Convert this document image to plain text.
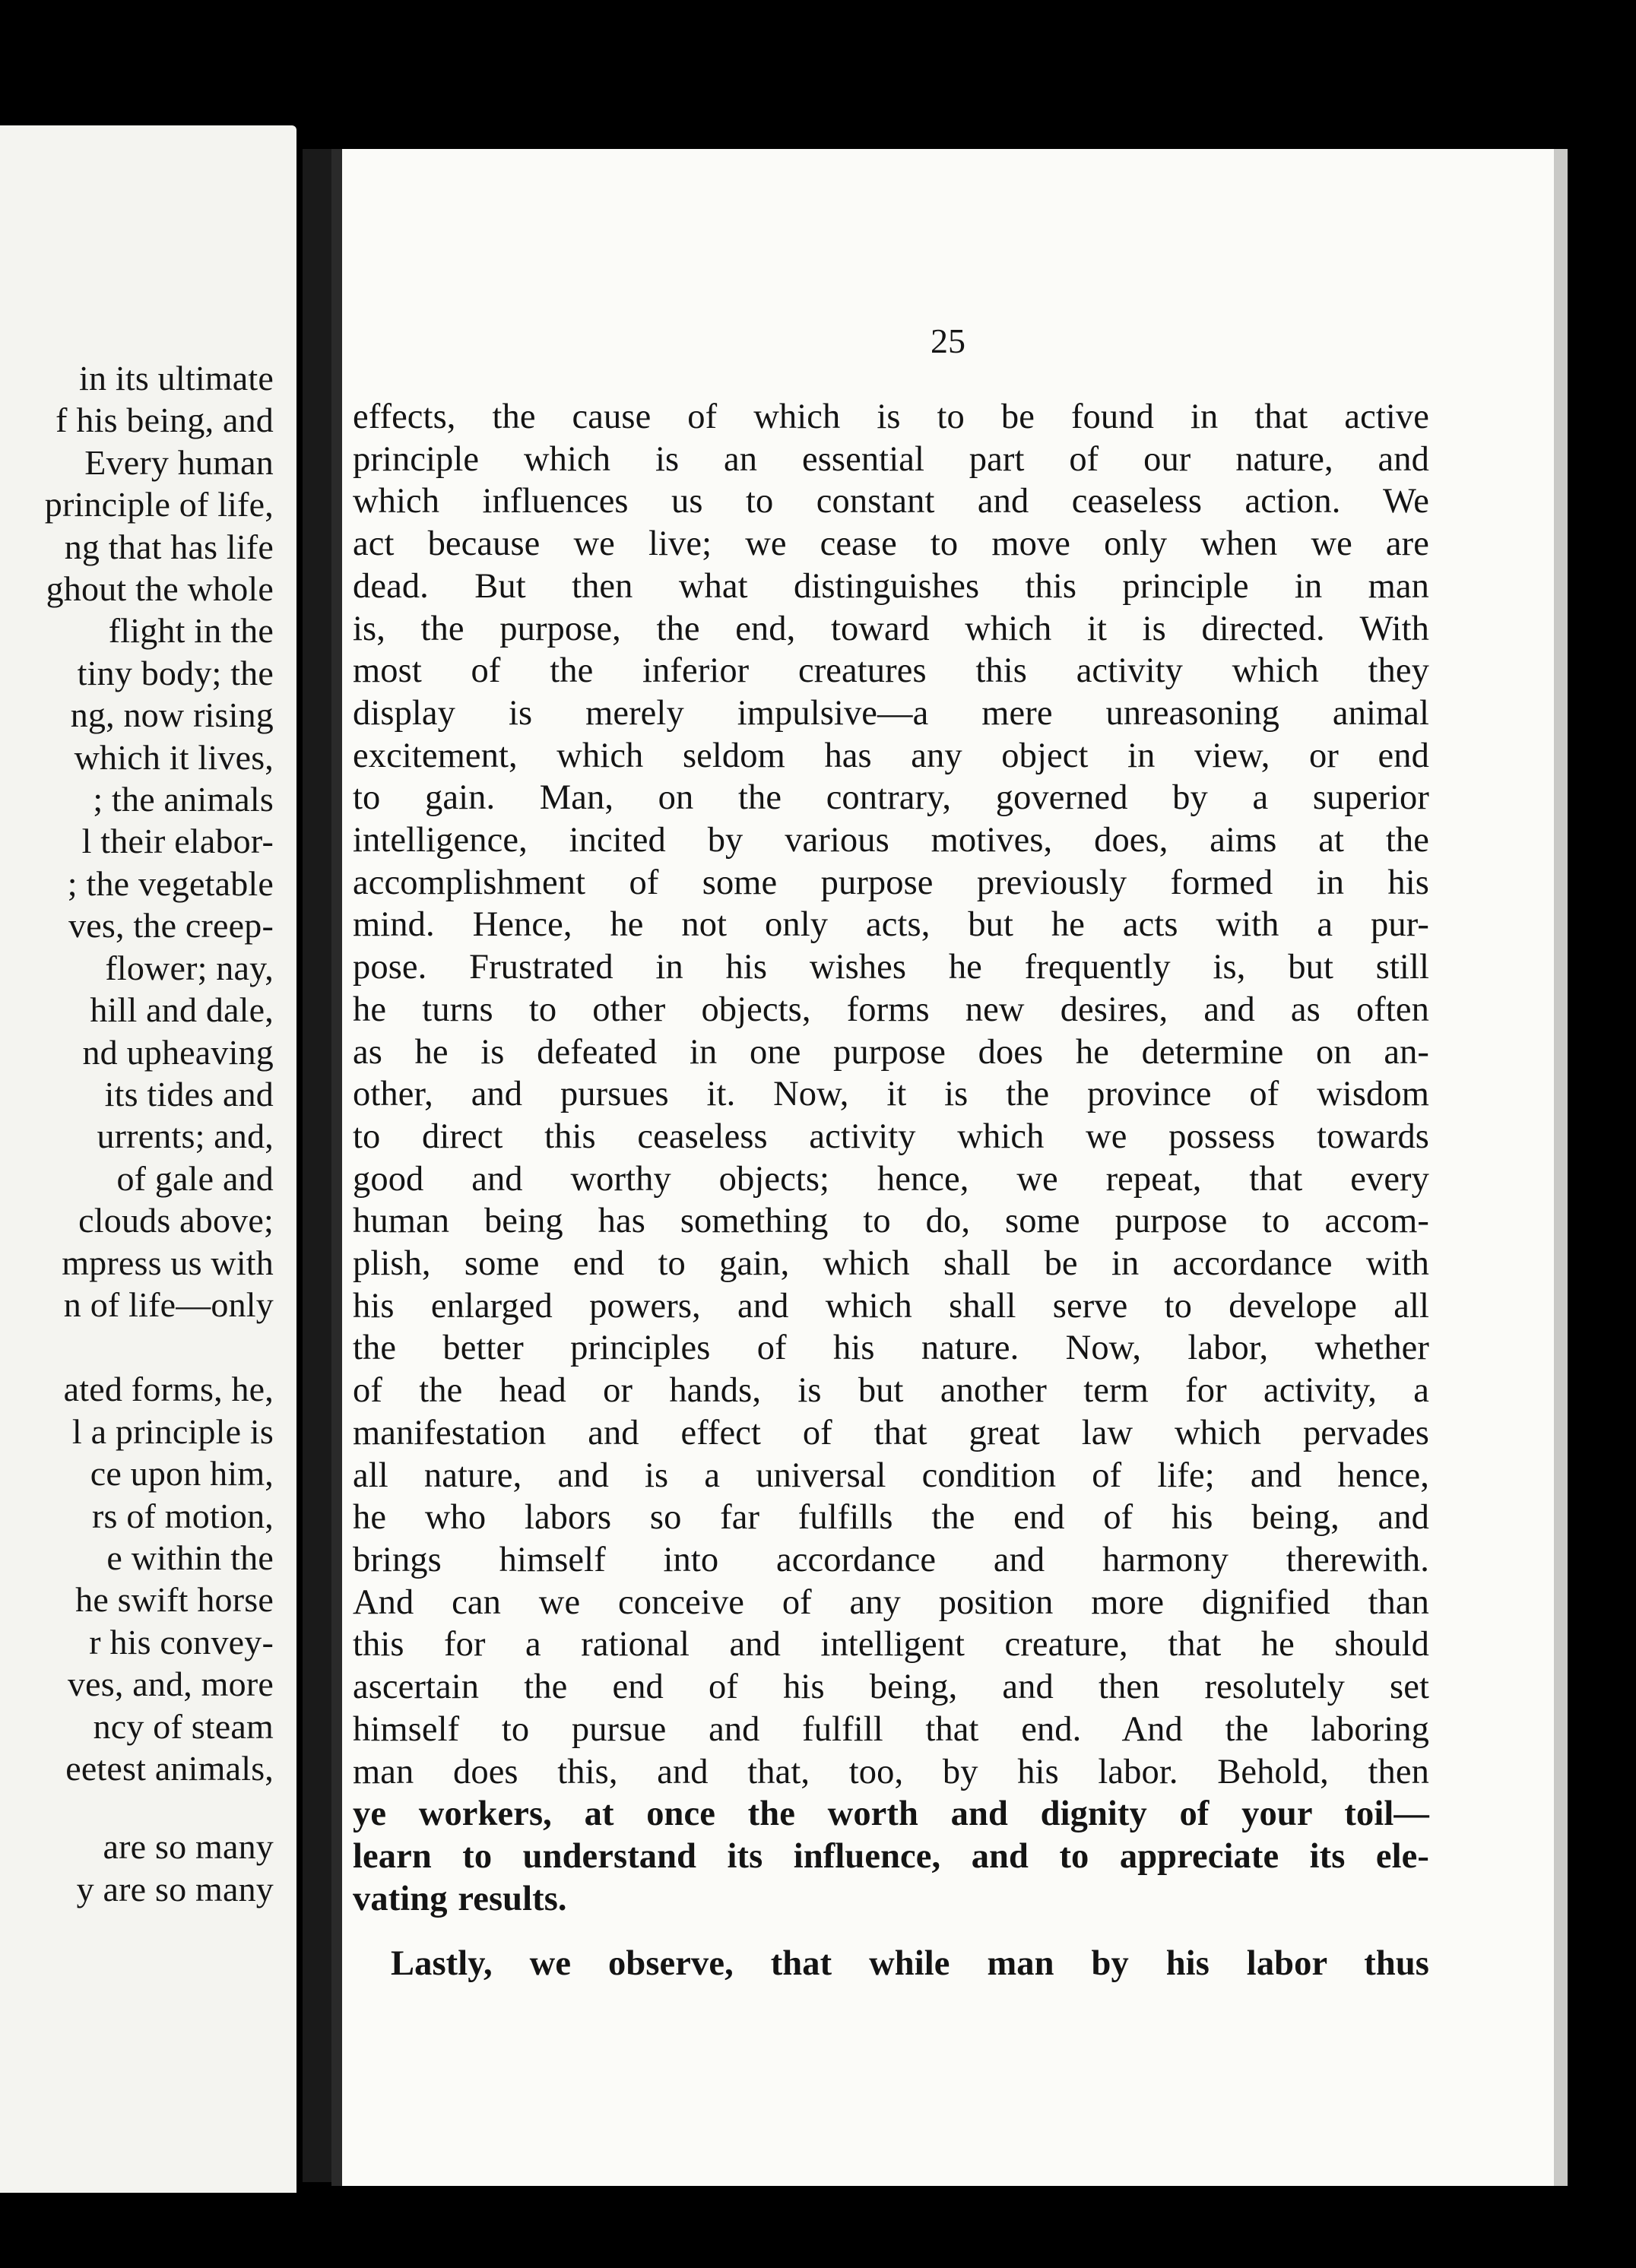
in its ultimate
f his being, and
Every human
principle of life,
ng that has life
ghout the whole
flight in the
tiny body; the
ng, now rising
which it lives,
; the animals
l their elabor-
; the vegetable
ves, the creep-
flower; nay,
hill and dale,
nd upheaving
its tides and
urrents; and,
of gale and
clouds above;
mpress us with
n of life—only
ated forms, he,
l a principle is
ce upon him,
rs of motion,
e within the
he swift horse
r his convey-
ves, and, more
ncy of steam
eetest animals,
are so many
y are so many
25
effects, the cause of which is to be found in that active
principle which is an essential part of our nature, and
which influences us to constant and ceaseless action. We
act because we live; we cease to move only when we are
dead. But then what distinguishes this principle in man
is, the purpose, the end, toward which it is directed. With
most of the inferior creatures this activity which they
display is merely impulsive—a mere unreasoning animal
excitement, which seldom has any object in view, or end
to gain. Man, on the contrary, governed by a superior
intelligence, incited by various motives, does, aims at the
accomplishment of some purpose previously formed in his
mind. Hence, he not only acts, but he acts with a pur-
pose. Frustrated in his wishes he frequently is, but still
he turns to other objects, forms new desires, and as often
as he is defeated in one purpose does he determine on an-
other, and pursues it. Now, it is the province of wisdom
to direct this ceaseless activity which we possess towards
good and worthy objects; hence, we repeat, that every
human being has something to do, some purpose to accom-
plish, some end to gain, which shall be in accordance with
his enlarged powers, and which shall serve to develope all
the better principles of his nature. Now, labor, whether
of the head or hands, is but another term for activity, a
manifestation and effect of that great law which pervades
all nature, and is a universal condition of life; and hence,
he who labors so far fulfills the end of his being, and
brings himself into accordance and harmony therewith.
And can we conceive of any position more dignified than
this for a rational and intelligent creature, that he should
ascertain the end of his being, and then resolutely set
himself to pursue and fulfill that end. And the laboring
man does this, and that, too, by his labor. Behold, then
ye workers, at once the worth and dignity of your toil—
learn to understand its influence, and to appreciate its ele-
vating results.
Lastly, we observe, that while man by his labor thus
